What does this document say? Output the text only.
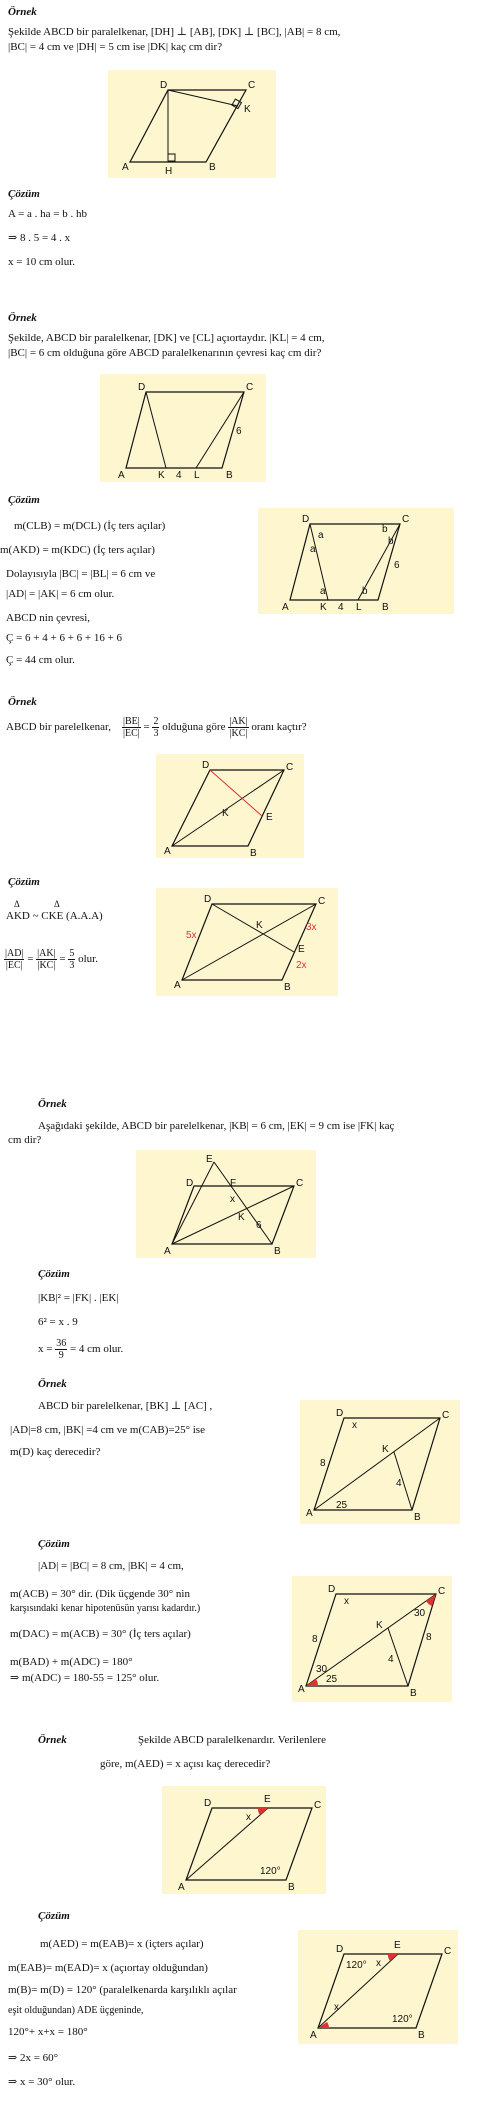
Örnek
Şekilde ABCD bir paralelkenar, [DH] ⊥ [AB], [DK] ⊥ [BC], |AB| = 8 cm,
|BC| = 4 cm ve |DH| = 5 cm ise |DK| kaç cm dir?
A	B
C
D
H
K
Çözüm
A = a . ha = b . hb
⇒ 8 . 5 = 4 . x
x = 10 cm olur.
Örnek
Şekilde, ABCD bir paralelkenar, [DK] ve [CL] açıortaydır. |KL| = 4 cm,
|BC| = 6 cm olduğuna göre ABCD paralelkenarının çevresi kaç cm dir?
A	B
C
D
K	L
4
6
Çözüm
m(CLB) = m(DCL) (İç ters açılar)
m(AKD) = m(KDC) (İç ters açılar)
Dolayısıyla |BC| = |BL| = 6 cm ve
|AD| = |AK| = 6 cm olur.
ABCD nin çevresi,
Ç = 6 + 4 + 6 + 6 + 16 + 6
Ç = 44 cm olur.
A	B
C
D
K	L
4
6
a
a
a
b
b
b
Örnek
ABCD bir parelelkenar, $\frac{|BE|}{|EC|} = \frac{2}{3}$ olduğuna göre $\frac{|AK|}{|KC|}$ oranı kaçtır?
A	B
C
D
E
K
Çözüm
Δ	Δ
AKD ~ CKE (A.A.A)
$\frac{|AD|}{|EC|} = \frac{|AK|}{|KC|} = \frac{5}{3}$ olur.
A	B
C
D
E
K
5x
3x
2x
Örnek
Aşağıdaki şekilde, ABCD bir parelelkenar, |KB| = 6 cm, |EK| = 9 cm ise |FK| kaç
cm dir?
A	B
C
D
E
F
K
x
6
Çözüm
|KB|² = |FK| . |EK|
6² = x . 9
$x = \frac{36}{9} = 4$ cm olur.
Örnek
ABCD bir parelelkenar, [BK] ⊥ [AC] ,
|AD|=8 cm, |BK| =4 cm ve m(CAB)=25° ise
m(D) kaç derecedir?
A	B
C
D
K
x
8
4
25
Çözüm
|AD| = |BC| = 8 cm, |BK| = 4 cm,
m(ACB) = 30° dir. (Dik üçgende 30° nin
karşısındaki kenar hipotenüsün yarısı kadardır.)
m(DAC) = m(ACB) = 30° (İç ters açılar)
m(BAD) + m(ADC) = 180°
⇒ m(ADC) = 180-55 = 125° olur.
A	B
C
D
K
x
8
4
25
30
30
8
Örnek	Şekilde ABCD paralelkenardır. Verilenlere
göre, m(AED) = x açısı kaç derecedir?
A	B
C
D	E
x
120°
Çözüm
m(AED) = m(EAB)= x (içters açılar)
m(EAB)= m(EAD)= x (açıortay olduğundan)
m(B)= m(D) = 120° (paralelkenarda karşılıklı açılar
eşit olduğundan) ADE üçgeninde,
120°+ x+x = 180°
⇒ 2x = 60°
⇒ x = 30° olur.
A	B
C
D	E
x
x
120°
120°
